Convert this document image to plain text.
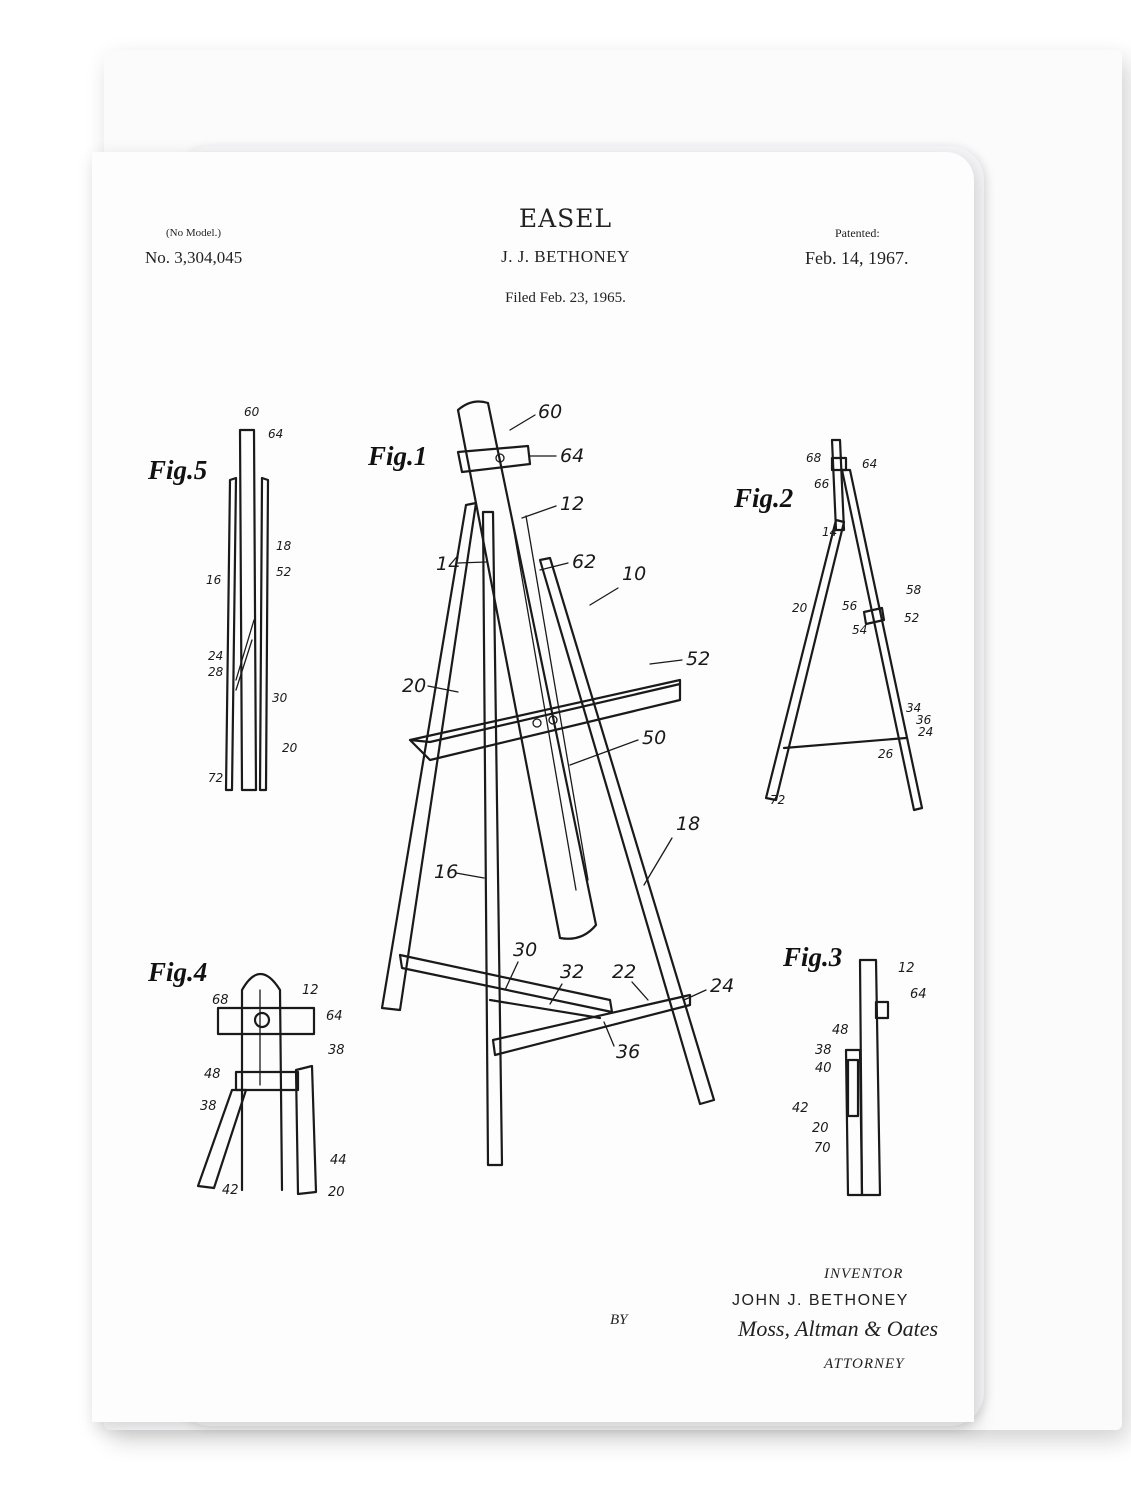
EASEL
J. J. BETHONEY
Filed Feb. 23, 1965.
(No Model.)
No. 3,304,045
Patented:
Feb. 14, 1967.
Fig.1
Fig.2
Fig.3
Fig.4
Fig.5
60
64
12
14	62
10
52
20
50
16
18
30
32 22
24
36
68	64
66
14
58
56
52
54
20
34
36
24
26
72
12
64
48
38
40
42
20
70
12
68
64
38
48
38
44
42	20
60
64
18
52
16
24
28
30
20
72
INVENTOR
JOHN J. BETHONEY
BY	Moss, Altman & Oates
ATTORNEY
